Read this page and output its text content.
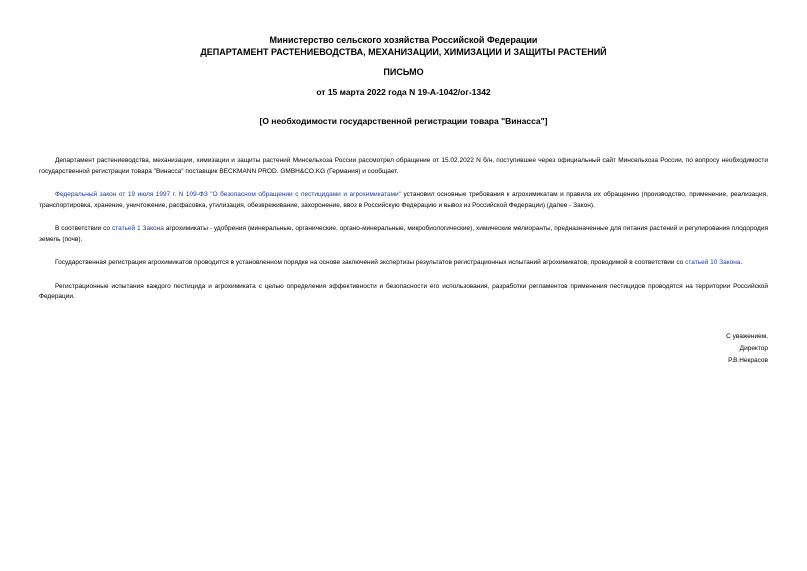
Министерство сельского хозяйства Российской Федерации
ДЕПАРТАМЕНТ РАСТЕНИЕВОДСТВА, МЕХАНИЗАЦИИ, ХИМИЗАЦИИ И ЗАЩИТЫ РАСТЕНИЙ
ПИСЬМО
от 15 марта 2022 года N 19-А-1042/ог-1342
[О необходимости государственной регистрации товара "Винасса"]

Департамент растениеводства, механизации, химизации и защиты растений Минсельхоза России рассмотрел обращение от 15.02.2022 N б/н, поступившее через официальный сайт Минсельхоза России, по вопросу необходимости государственной регистрации товара "Винасса" поставщик BECKMANN PROD. GMBH&CO.KG (Германия) и сообщает.

Федеральный закон от 19 июля 1997 г. N 109-ФЗ "О безопасном обращении с пестицидами и агрохимикатами" установил основные требования к агрохимикатам и правила их обращению (производство, применение, реализация, транспортировка, хранение, уничтожение, расфасовка, утилизация, обезвреживание, захоронение, ввоз в Российскую Федерацию и вывоз из Российской Федерации) (далее - Закон).

В соответствии со статьей 1 Закона агрохимикаты - удобрения (минеральные, органические, органо-минеральные, микробиологические), химические мелиоранты, предназначенные для питания растений и регулирования плодородия земель (почв).

Государственная регистрация агрохимикатов проводится в установленном порядке на основе заключений экспертизы результатов регистрационных испытаний агрохимикатов, проводимой в соответствии со статьей 10 Закона.

Регистрационные испытания каждого пестицида и агрохимиката с целью определения эффективности и безопасности его использования, разработки регламентов применения пестицидов проводятся на территории Российской Федерации.

С уважением,
Директор
Р.В.Некрасов
